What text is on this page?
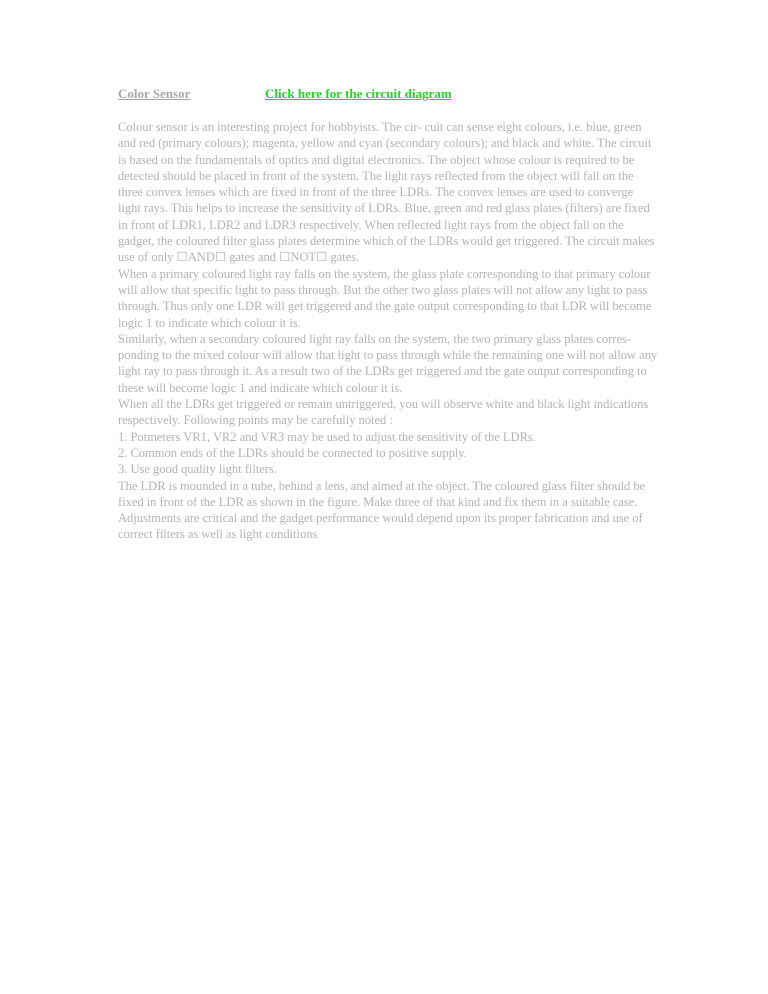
Color Sensor	Click here for the circuit diagram

Colour sensor is an interesting project for hobbyists. The cir- cuit can sense eight colours, i.e. blue, green and red (primary colours); magenta, yellow and cyan (secondary colours); and black and white. The circuit is based on the fundamentals of optics and digital electronics. The object whose colour is required to be detected should be placed in front of the system. The light rays reflected from the object will fall on the three convex lenses which are fixed in front of the three LDRs. The convex lenses are used to converge light rays. This helps to increase the sensitivity of LDRs. Blue, green and red glass plates (filters) are fixed in front of LDR1, LDR2 and LDR3 respectively. When reflected light rays from the object fall on the gadget, the coloured filter glass plates determine which of the LDRs would get triggered. The circuit makes use of only ☐AND☐ gates and ☐NOT☐ gates.

When a primary coloured light ray falls on the system, the glass plate corresponding to that primary colour will allow that specific light to pass through. But the other two glass plates will not allow any light to pass through. Thus only one LDR will get triggered and the gate output corresponding to that LDR will become logic 1 to indicate which colour it is.

Similarly, when a secondary coloured light ray falls on the system, the two primary glass plates corres- ponding to the mixed colour will allow that light to pass through while the remaining one will not allow any light ray to pass through it. As a result two of the LDRs get triggered and the gate output corresponding to these will become logic 1 and indicate which colour it is.

When all the LDRs get triggered or remain untriggered, you will observe white and black light indications respectively. Following points may be carefully noted :

1. Potmeters VR1, VR2 and VR3 may be used to adjust the sensitivity of the LDRs.

2. Common ends of the LDRs should be connected to positive supply.

3. Use good quality light filters.

The LDR is mounded in a tube, behind a lens, and aimed at the object. The coloured glass filter should be fixed in front of the LDR as shown in the figure. Make three of that kind and fix them in a suitable case. Adjustments are critical and the gadget performance would depend upon its proper fabrication and use of correct filters as well as light conditions
